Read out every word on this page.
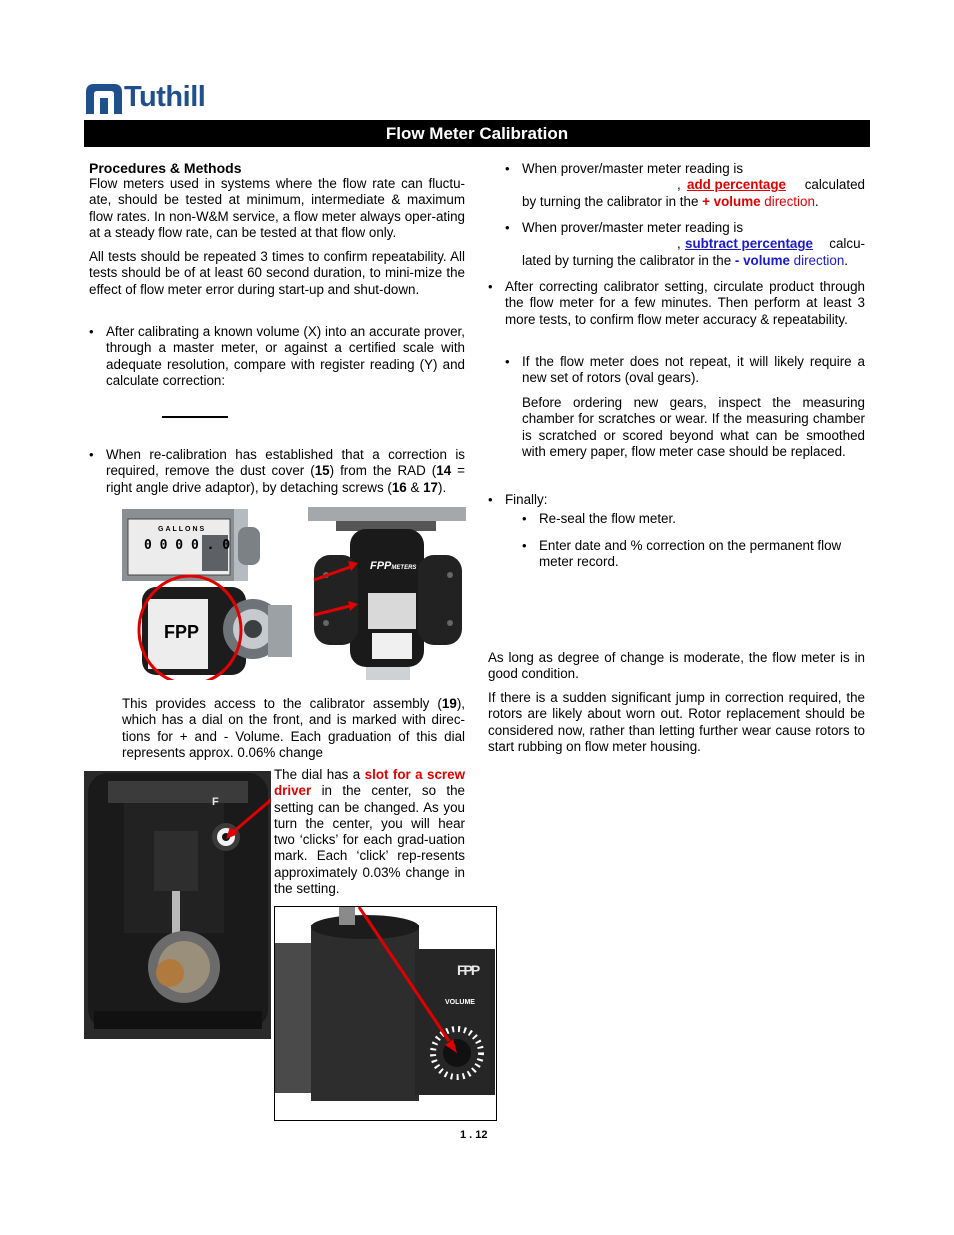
Tuthill
Flow Meter Calibration
Procedures & Methods

Flow meters used in systems where the flow rate can fluctu-ate, should be tested at minimum, intermediate & maximum flow rates. In non-W&M service, a flow meter always oper-ating at a steady flow rate, can be tested at that flow only.

All tests should be repeated 3 times to confirm repeatability. All tests should be of at least 60 second duration, to mini-mize the effect of flow meter error during start-up and shut-down.

• After calibrating a known volume (X) into an accurate prover, through a master meter, or against a certified scale with adequate resolution, compare with register reading (Y) and calculate correction:

• When re-calibration has established that a correction is required, remove the dust cover (15) from the RAD (14 = right angle drive adaptor), by detaching screws (16 & 17).

GALLONS
0 0 0 0 . 0
FPP
FPPMETERS

This provides access to the calibrator assembly (19), which has a dial on the front, and is marked with direc-tions for + and - Volume. Each graduation of this dial represents approx. 0.06% change

F

The dial has a slot for a screw driver in the center, so the setting can be changed. As you turn the center, you will hear two ‘clicks’ for each grad-uation mark. Each ‘click’ rep-resents approximately 0.03% change in the setting.

FPP
VOLUME
1 . 12
• When prover/master meter reading is

, add percentage calculated

by turning the calibrator in the + volume direction.

• When prover/master meter reading is

, subtract percentage calcu-

lated by turning the calibrator in the - volume direction.

• After correcting calibrator setting, circulate product through the flow meter for a few minutes. Then perform at least 3 more tests, to confirm flow meter accuracy & repeatability.

• If the flow meter does not repeat, it will likely require a new set of rotors (oval gears).

Before ordering new gears, inspect the measuring chamber for scratches or wear. If the measuring chamber is scratched or scored beyond what can be smoothed with emery paper, flow meter case should be replaced.

• Finally:

• Re-seal the flow meter.

• Enter date and % correction on the permanent flow meter record.

As long as degree of change is moderate, the flow meter is in good condition.

If there is a sudden significant jump in correction required, the rotors are likely about worn out. Rotor replacement should be considered now, rather than letting further wear cause rotors to start rubbing on flow meter housing.
